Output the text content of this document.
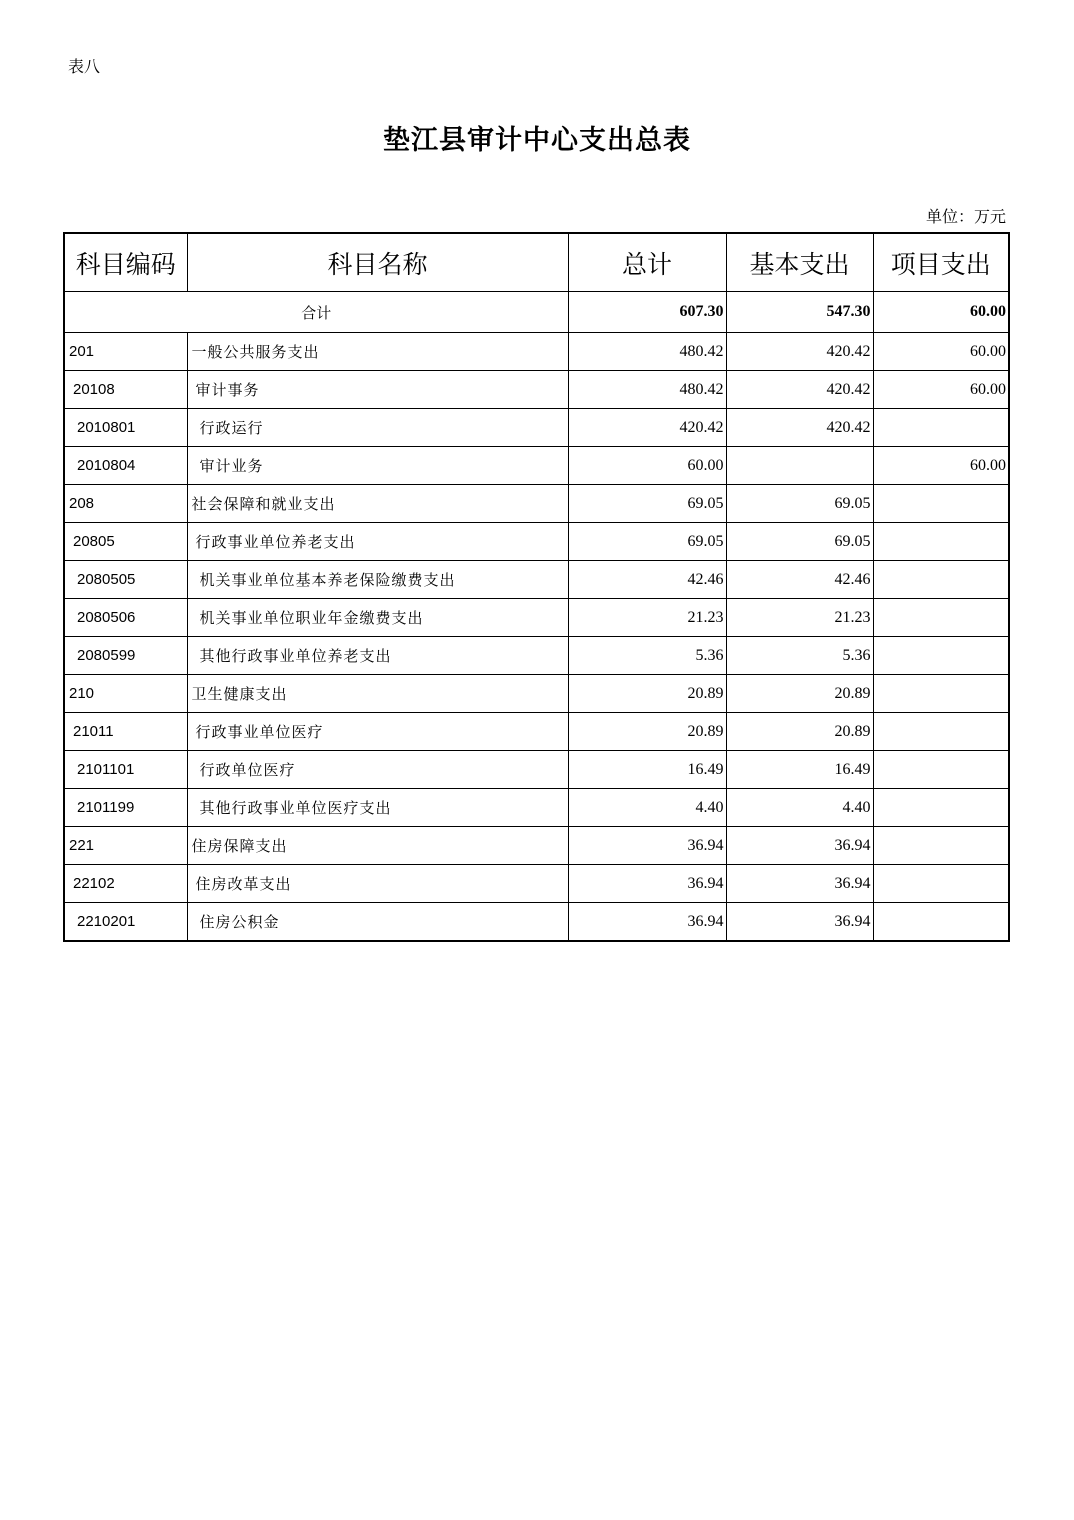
表八
垫江县审计中心支出总表
单位：万元
科目编码	科目名称	总计	基本支出	项目支出
合计		607.30	547.30	60.00
201	一般公共服务支出	480.42	420.42	60.00
20108	审计事务	480.42	420.42	60.00
2010801	行政运行	420.42	420.42	
2010804	审计业务	60.00		60.00
208	社会保障和就业支出	69.05	69.05	
20805	行政事业单位养老支出	69.05	69.05	
2080505	机关事业单位基本养老保险缴费支出	42.46	42.46	
2080506	机关事业单位职业年金缴费支出	21.23	21.23	
2080599	其他行政事业单位养老支出	5.36	5.36	
210	卫生健康支出	20.89	20.89	
21011	行政事业单位医疗	20.89	20.89	
2101101	行政单位医疗	16.49	16.49	
2101199	其他行政事业单位医疗支出	4.40	4.40	
221	住房保障支出	36.94	36.94	
22102	住房改革支出	36.94	36.94	
2210201	住房公积金	36.94	36.94	
